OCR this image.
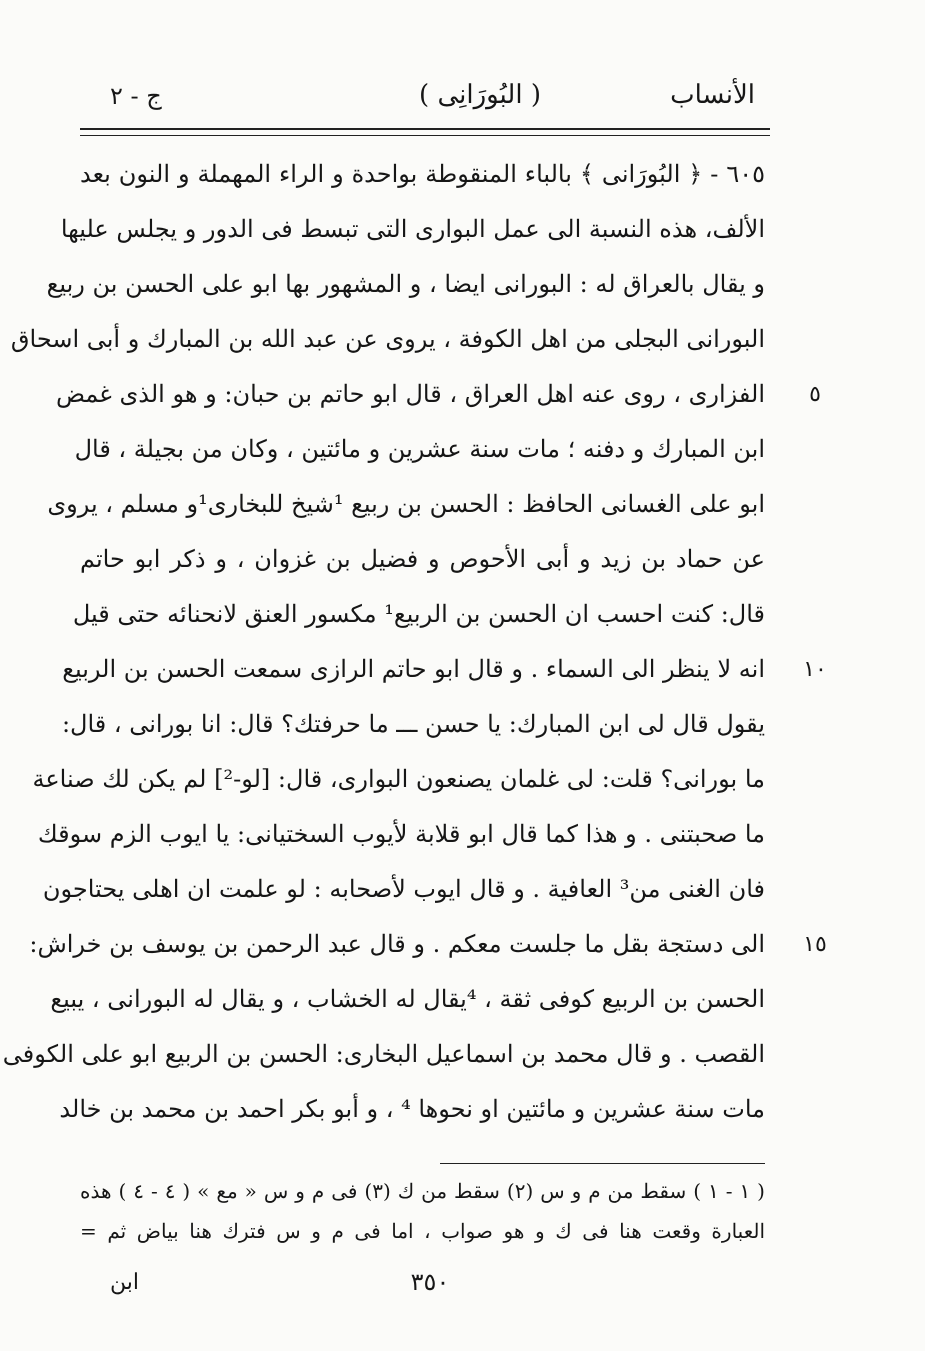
الأنساب
( البُورَانِى )
ج - ٢
٦٠٥ - ﴿ البُورَانى ﴾ بالباء المنقوطة بواحدة و الراء المهملة و النون بعد
الألف، هذه النسبة الى عمل البوارى التى تبسط فى الدور و يجلس عليها
و يقال بالعراق له : البورانى ايضا ، و المشهور بها ابو على الحسن بن ربيع
البورانى البجلى من اهل الكوفة ، يروى عن عبد الله بن المبارك و أبى اسحاق
الفزارى ، روى عنه اهل العراق ، قال ابو حاتم بن حبان: و هو الذى غمض
ابن المبارك و دفنه ؛ مات سنة عشرين و مائتين ، وكان من بجيلة ، قال
ابو على الغسانى الحافظ : الحسن بن ربيع ¹شيخ للبخارى¹و مسلم ، يروى
عن حماد بن زيد و أبى الأحوص و فضيل بن غزوان ، و ذكر ابو حاتم
قال: كنت احسب ان الحسن بن الربيع¹ مكسور العنق لانحنائه حتى قيل
انه لا ينظر الى السماء . و قال ابو حاتم الرازى سمعت الحسن بن الربيع
يقول قال لى ابن المبارك: يا حسن ـــ ما حرفتك؟ قال: انا بورانى ، قال:
ما بورانى؟ قلت: لى غلمان يصنعون البوارى، قال: [لو-²] لم يكن لك صناعة
ما صحبتنى . و هذا كما قال ابو قلابة لأيوب السختيانى: يا ايوب الزم سوقك
فان الغنى من³ العافية . و قال ايوب لأصحابه : لو علمت ان اهلى يحتاجون
الى دستجة بقل ما جلست معكم . و قال عبد الرحمن بن يوسف بن خراش:
الحسن بن الربيع كوفى ثقة ، ⁴يقال له الخشاب ، و يقال له البورانى ، يبيع
القصب . و قال محمد بن اسماعيل البخارى: الحسن بن الربيع ابو على الكوفى
مات سنة عشرين و مائتين او نحوها ⁴ ، و أبو بكر احمد بن محمد بن خالد
٥
١٠
١٥
( ١ - ١ ) سقط من م و س (٢) سقط من ك (٣) فى م و س « مع » ( ٤ - ٤ ) هذه
العبارة وقعت هنا فى ك و هو صواب ، اما فى م و س فترك هنا بياض ثم =
٣٥٠
ابن
